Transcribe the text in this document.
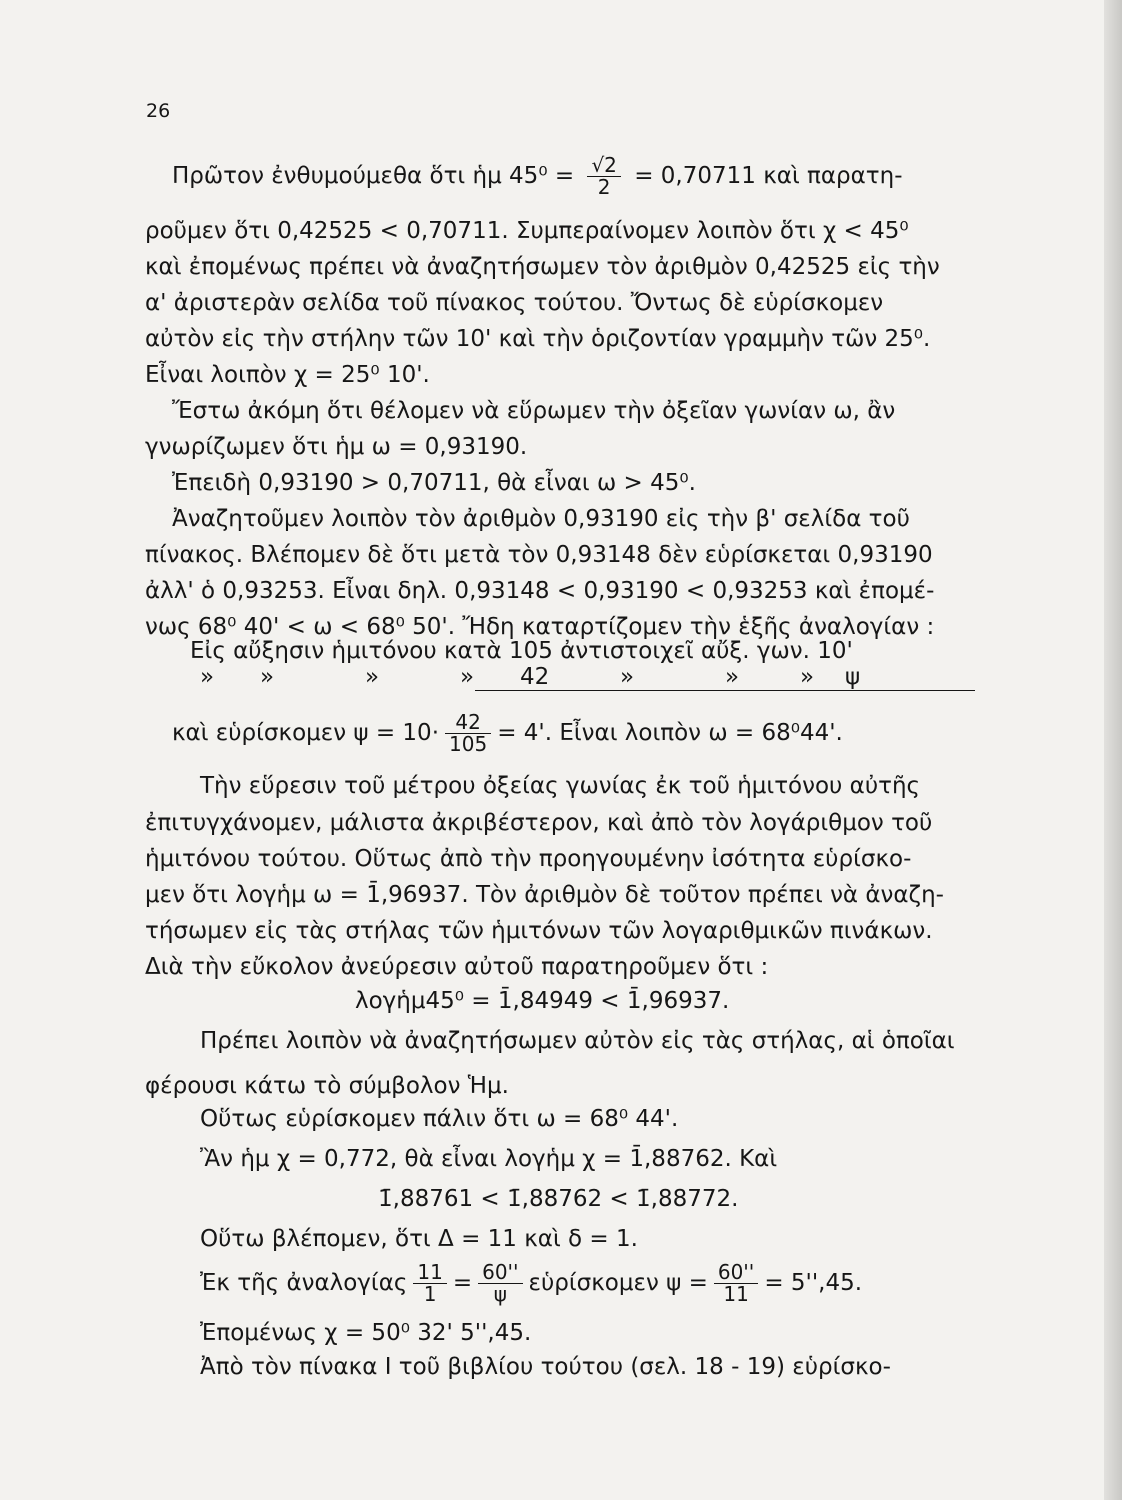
26
Πρῶτον ἐνθυμούμεθα ὅτι ἡμ $45^0 = \frac{√2}{2} = 0,70711$ καὶ παρατη-
ροῦμεν ὅτι 0,42525 < 0,70711. Συμπεραίνομεν λοιπὸν ὅτι χ < 45⁰
καὶ ἐπομένως πρέπει νὰ ἀναζητήσωμεν τὸν ἀριθμὸν 0,42525 εἰς τὴν
α' ἀριστερὰν σελίδα τοῦ πίνακος τούτου. Ὄντως δὲ εὑρίσκομεν
αὐτὸν εἰς τὴν στήλην τῶν 10' καὶ τὴν ὁριζοντίαν γραμμὴν τῶν 25⁰.
Εἶναι λοιπὸν χ = 25⁰ 10'.
Ἔστω ἀκόμη ὅτι θέλομεν νὰ εὕρωμεν τὴν ὀξεῖαν γωνίαν ω, ἂν
γνωρίζωμεν ὅτι ἡμ ω = 0,93190.
Ἐπειδὴ 0,93190 > 0,70711, θὰ εἶναι ω > 45⁰.
Ἀναζητοῦμεν λοιπὸν τὸν ἀριθμὸν 0,93190 εἰς τὴν β' σελίδα τοῦ
πίνακος. Βλέπομεν δὲ ὅτι μετὰ τὸν 0,93148 δὲν εὑρίσκεται 0,93190
ἀλλ' ὁ 0,93253. Εἶναι δηλ. 0,93148 < 0,93190 < 0,93253 καὶ ἐπομέ-
νως 68⁰ 40' < ω < 68⁰ 50'. Ἤδη καταρτίζομεν τὴν ἑξῆς ἀναλογίαν :
Εἰς αὔξησιν ἡμιτόνου κατὰ 105 ἀντιστοιχεῖ αὔξ. γων. 10'
» »	»	» 42	»	»	» ψ
καὶ εὑρίσκομεν $\psi = 10\cdot \frac{42}{105} = 4'$. Εἶναι λοιπὸν ω = 68⁰44'.
Τὴν εὕρεσιν τοῦ μέτρου ὀξείας γωνίας ἐκ τοῦ ἡμιτόνου αὐτῆς
ἐπιτυγχάνομεν, μάλιστα ἀκριβέστερον, καὶ ἀπὸ τὸν λογάριθμον τοῦ
ἡμιτόνου τούτου. Οὕτως ἀπὸ τὴν προηγουμένην ἰσότητα εὑρίσκο-
μεν ὅτι λογἡμ ω = 1̄,96937. Τὸν ἀριθμὸν δὲ τοῦτον πρέπει νὰ ἀναζη-
τήσωμεν εἰς τὰς στήλας τῶν ἡμιτόνων τῶν λογαριθμικῶν πινάκων.
Διὰ τὴν εὔκολον ἀνεύρεσιν αὐτοῦ παρατηροῦμεν ὅτι :
λογἡμ45⁰ = 1̄,84949 < 1̄,96937.
Πρέπει λοιπὸν νὰ ἀναζητήσωμεν αὐτὸν εἰς τὰς στήλας, αἱ ὁποῖαι
φέρουσι κάτω τὸ σύμβολον Ἡμ.
Οὕτως εὑρίσκομεν πάλιν ὅτι ω = 68⁰ 44'.
Ἂν ἡμ χ = 0,772, θὰ εἶναι λογἡμ χ = 1̄,88762. Καὶ
1̄,88761 < 1̄,88762 < 1̄,88772.
Οὕτω βλέπομεν, ὅτι Δ = 11 καὶ δ = 1.
Ἐκ τῆς ἀναλογίας $\frac{11}{1} = \frac{60''}{\psi}$ εὑρίσκομεν $\psi = \frac{60''}{11} = 5'',45$.
Ἐπομένως χ = 50⁰ 32' 5'',45.
Ἀπὸ τὸν πίνακα Ι τοῦ βιβλίου τούτου (σελ. 18 - 19) εὑρίσκο-
